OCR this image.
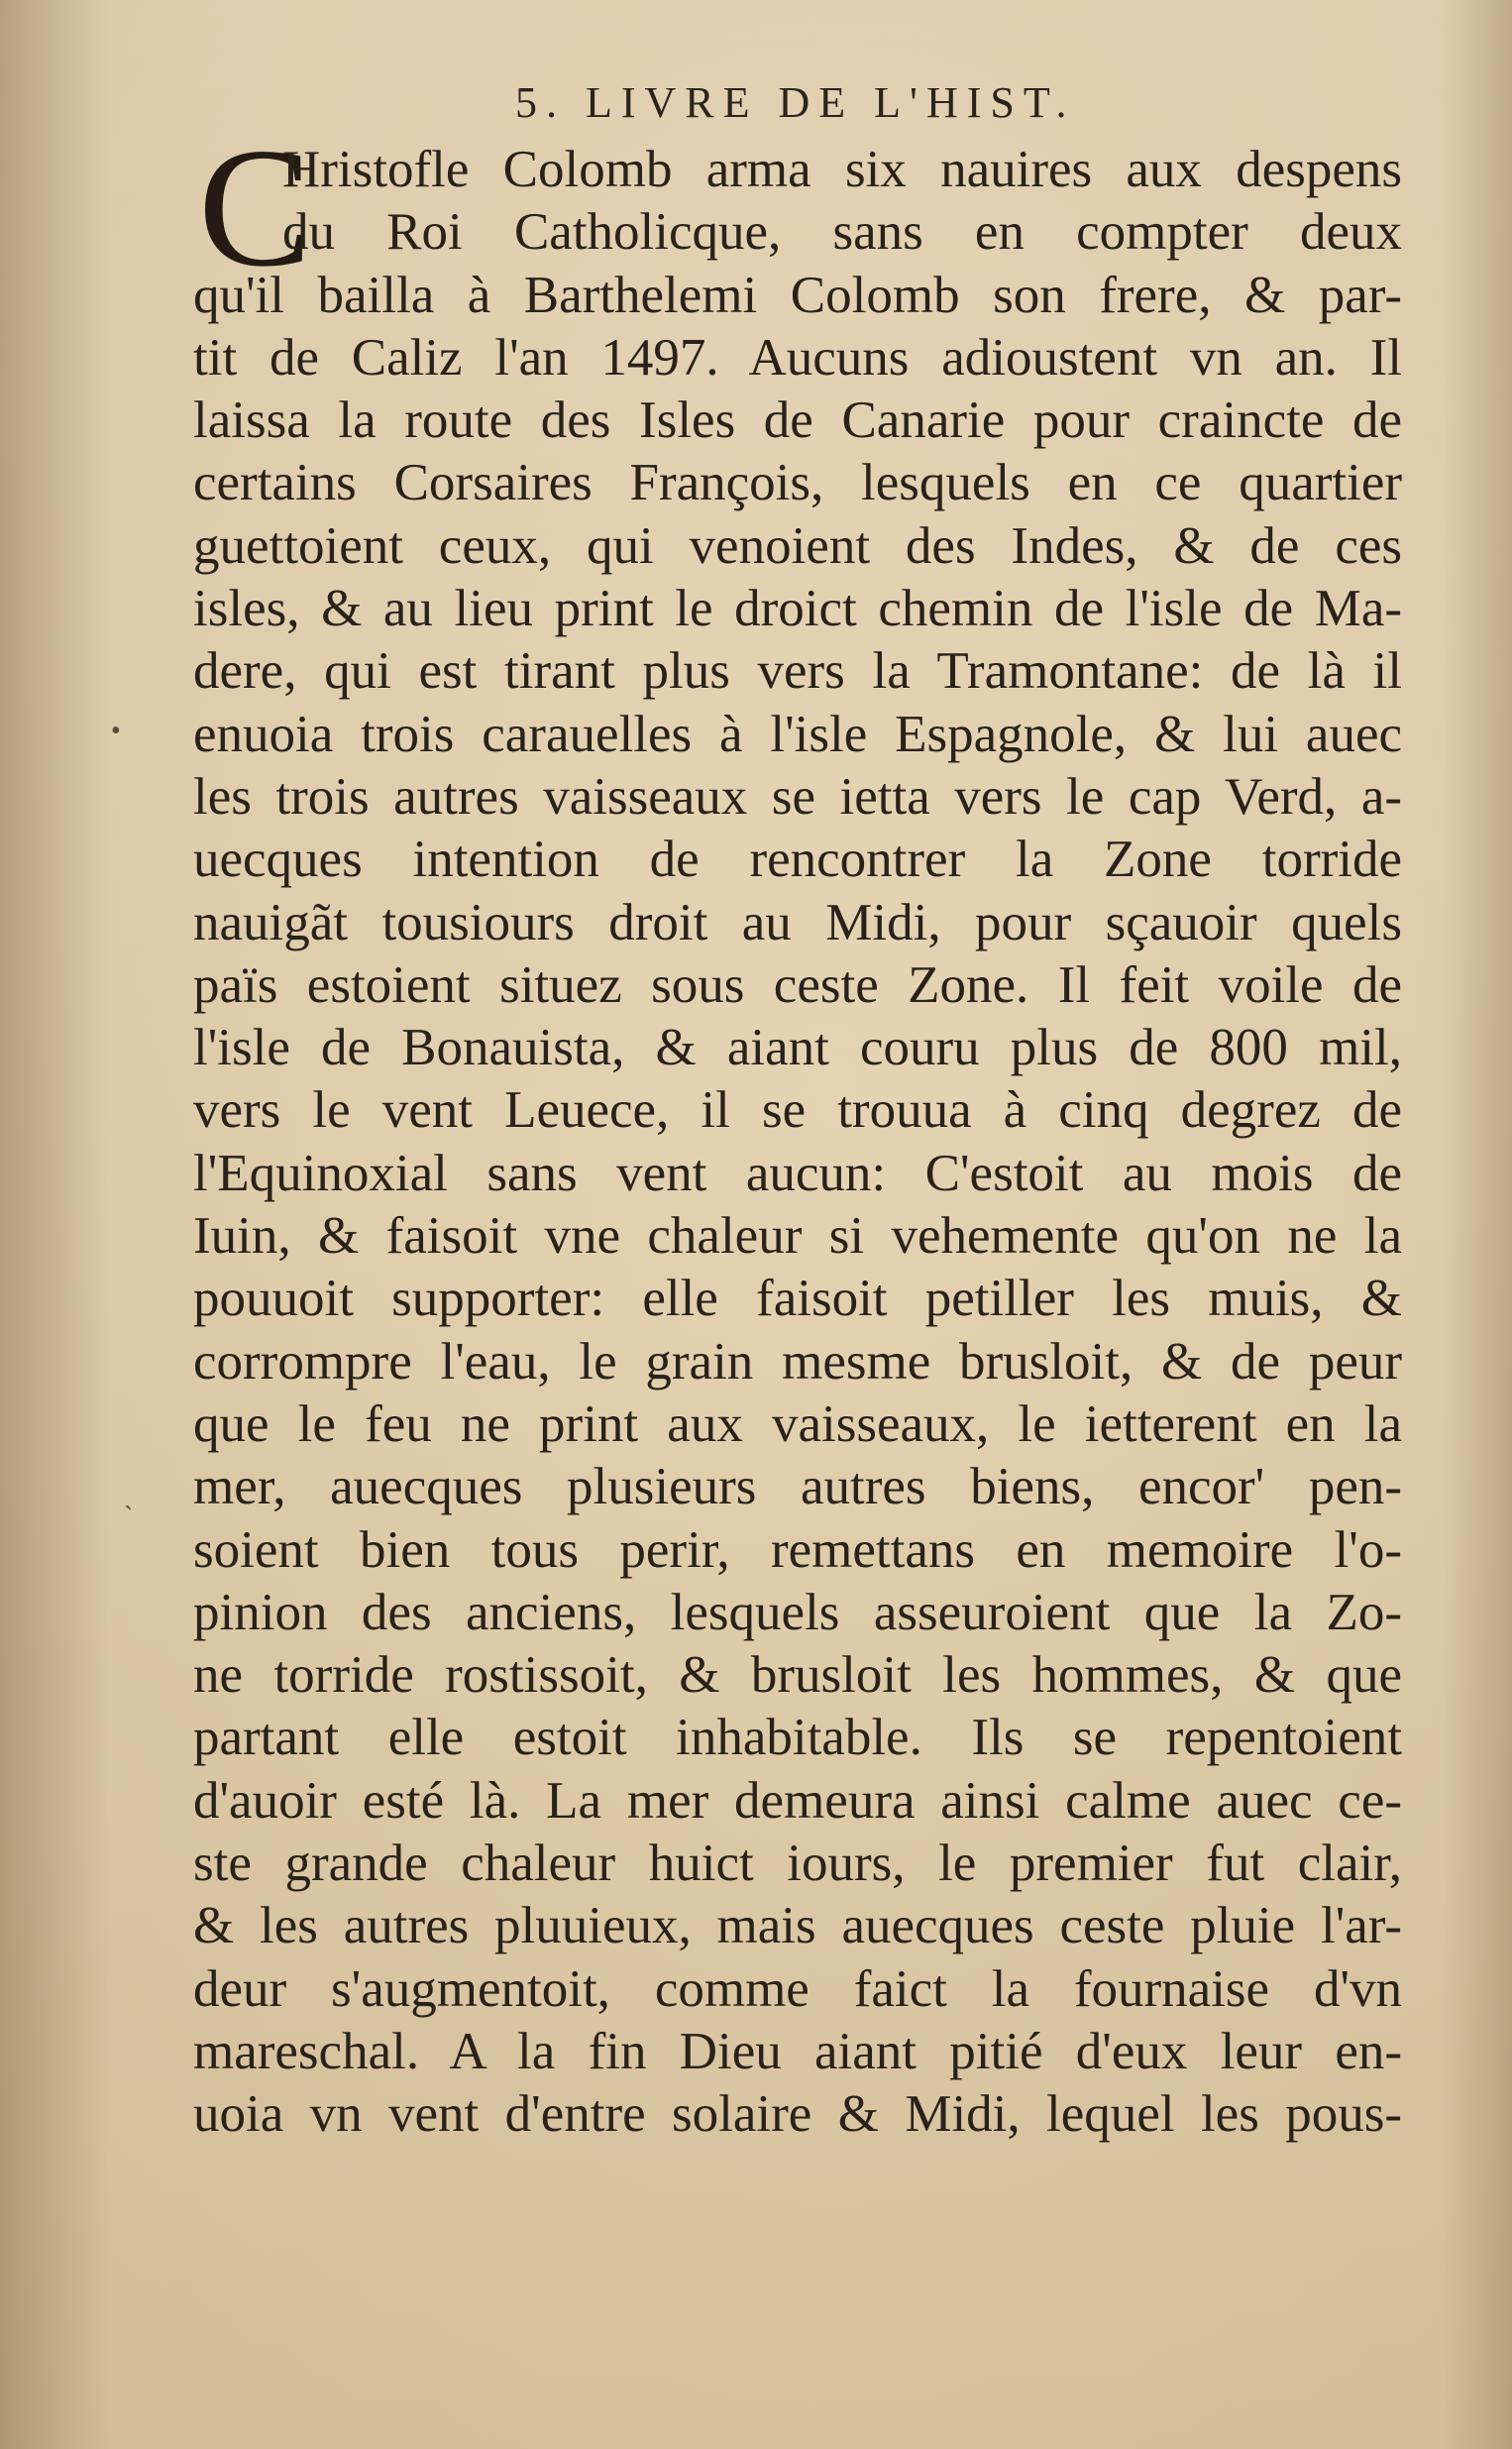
5. LIVRE DE L'HIST.
C
Hristofle Colomb arma six nauires aux despens
du Roi Catholicque, sans en compter deux
qu'il bailla à Barthelemi Colomb son frere, & par-
tit de Caliz l'an 1497. Aucuns adioustent vn an. Il
laissa la route des Isles de Canarie pour craincte de
certains Corsaires François, lesquels en ce quartier
guettoient ceux, qui venoient des Indes, & de ces
isles, & au lieu print le droict chemin de l'isle de Ma-
dere, qui est tirant plus vers la Tramontane: de là il
enuoia trois carauelles à l'isle Espagnole, & lui auec
les trois autres vaisseaux se ietta vers le cap Verd, a-
uecques intention de rencontrer la Zone torride
nauigãt tousiours droit au Midi, pour sçauoir quels
païs estoient situez sous ceste Zone. Il feit voile de
l'isle de Bonauista, & aiant couru plus de 800 mil,
vers le vent Leuece, il se trouua à cinq degrez de
l'Equinoxial sans vent aucun: C'estoit au mois de
Iuin, & faisoit vne chaleur si vehemente qu'on ne la
pouuoit supporter: elle faisoit petiller les muis, &
corrompre l'eau, le grain mesme brusloit, & de peur
que le feu ne print aux vaisseaux, le ietterent en la
mer, auecques plusieurs autres biens, encor' pen-
soient bien tous perir, remettans en memoire l'o-
pinion des anciens, lesquels asseuroient que la Zo-
ne torride rostissoit, & brusloit les hommes, & que
partant elle estoit inhabitable. Ils se repentoient
d'auoir esté là. La mer demeura ainsi calme auec ce-
ste grande chaleur huict iours, le premier fut clair,
& les autres pluuieux, mais auecques ceste pluie l'ar-
deur s'augmentoit, comme faict la fournaise d'vn
mareschal. A la fin Dieu aiant pitié d'eux leur en-
uoia vn vent d'entre solaire & Midi, lequel les pous-
•
`
